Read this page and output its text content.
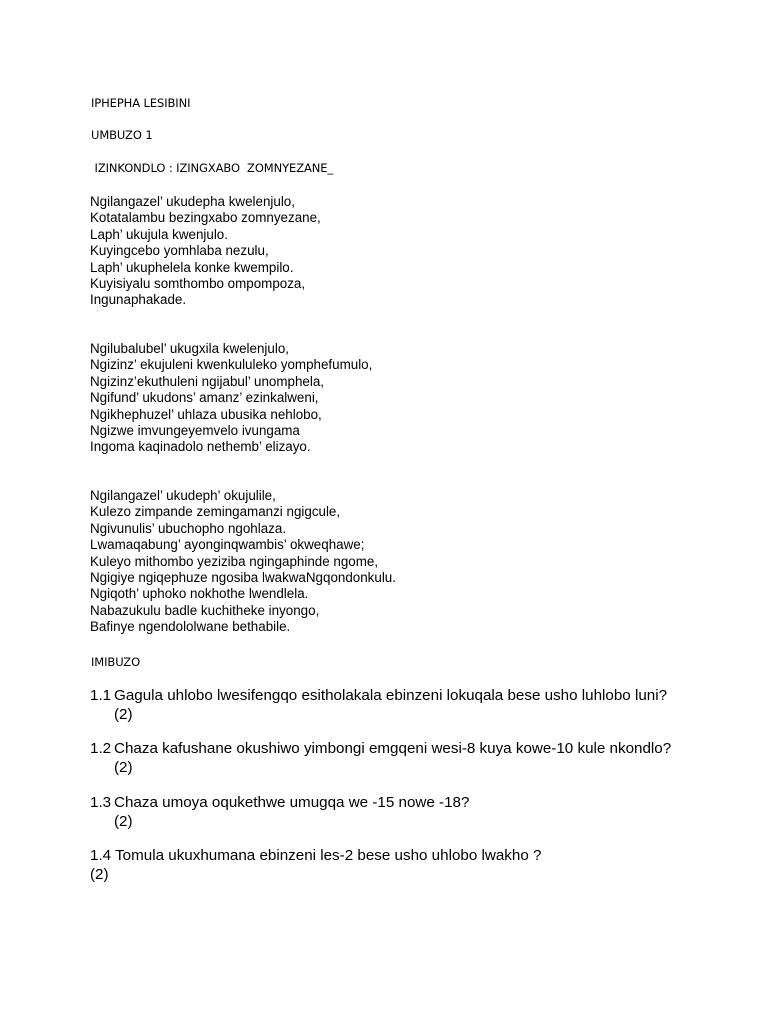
IPHEPHA LESIBINI
UMBUZO 1
IZINKONDLO : IZINGXABO  ZOMNYEZANE_
Ngilangazel’ ukudepha kwelenjulo,
Kotatalambu bezingxabo zomnyezane,
Laph’ ukujula kwenjulo.
Kuyingcebo yomhlaba nezulu,
Laph’ ukuphelela konke kwempilo.
Kuyisiyalu somthombo ompompoza,
Ingunaphakade.
Ngilubalubel’ ukugxila kwelenjulo,
Ngizinz’ ekujuleni kwenkululeko yomphefumulo,
Ngizinz’ekuthuleni ngijabul’ unomphela,
Ngifund’ ukudons’ amanz’ ezinkalweni,
Ngikhephuzel’ uhlaza ubusika nehlobo,
Ngizwe imvungeyemvelo ivungama
Ingoma kaqinadolo nethemb’ elizayo.
Ngilangazel’ ukudeph’ okujulile,
Kulezo zimpande zemingamanzi ngigcule,
Ngivunulis’ ubuchopho ngohlaza.
Lwamaqabung’ ayonginqwambis’ okweqhawe;
Kuleyo mithombo yeziziba ngingaphinde ngome,
Ngigiye ngiqephuze ngosiba lwakwaNgqondonkulu.
Ngiqoth’ uphoko nokhothe lwendlela.
Nabazukulu badle kuchitheke inyongo,
Bafinye ngendololwane bethabile.
IMIBUZO
1.1 Gagula uhlobo lwesifengqo esitholakala ebinzeni lokuqala bese usho luhlobo luni?
(2)
1.2 Chaza kafushane okushiwo yimbongi emgqeni wesi-8 kuya kowe-10 kule nkondlo?
(2)
1.3 Chaza umoya oqukethwe umugqa we -15 nowe -18?
(2)
1.4 Tomula ukuxhumana ebinzeni les-2 bese usho uhlobo lwakho ?
(2)
